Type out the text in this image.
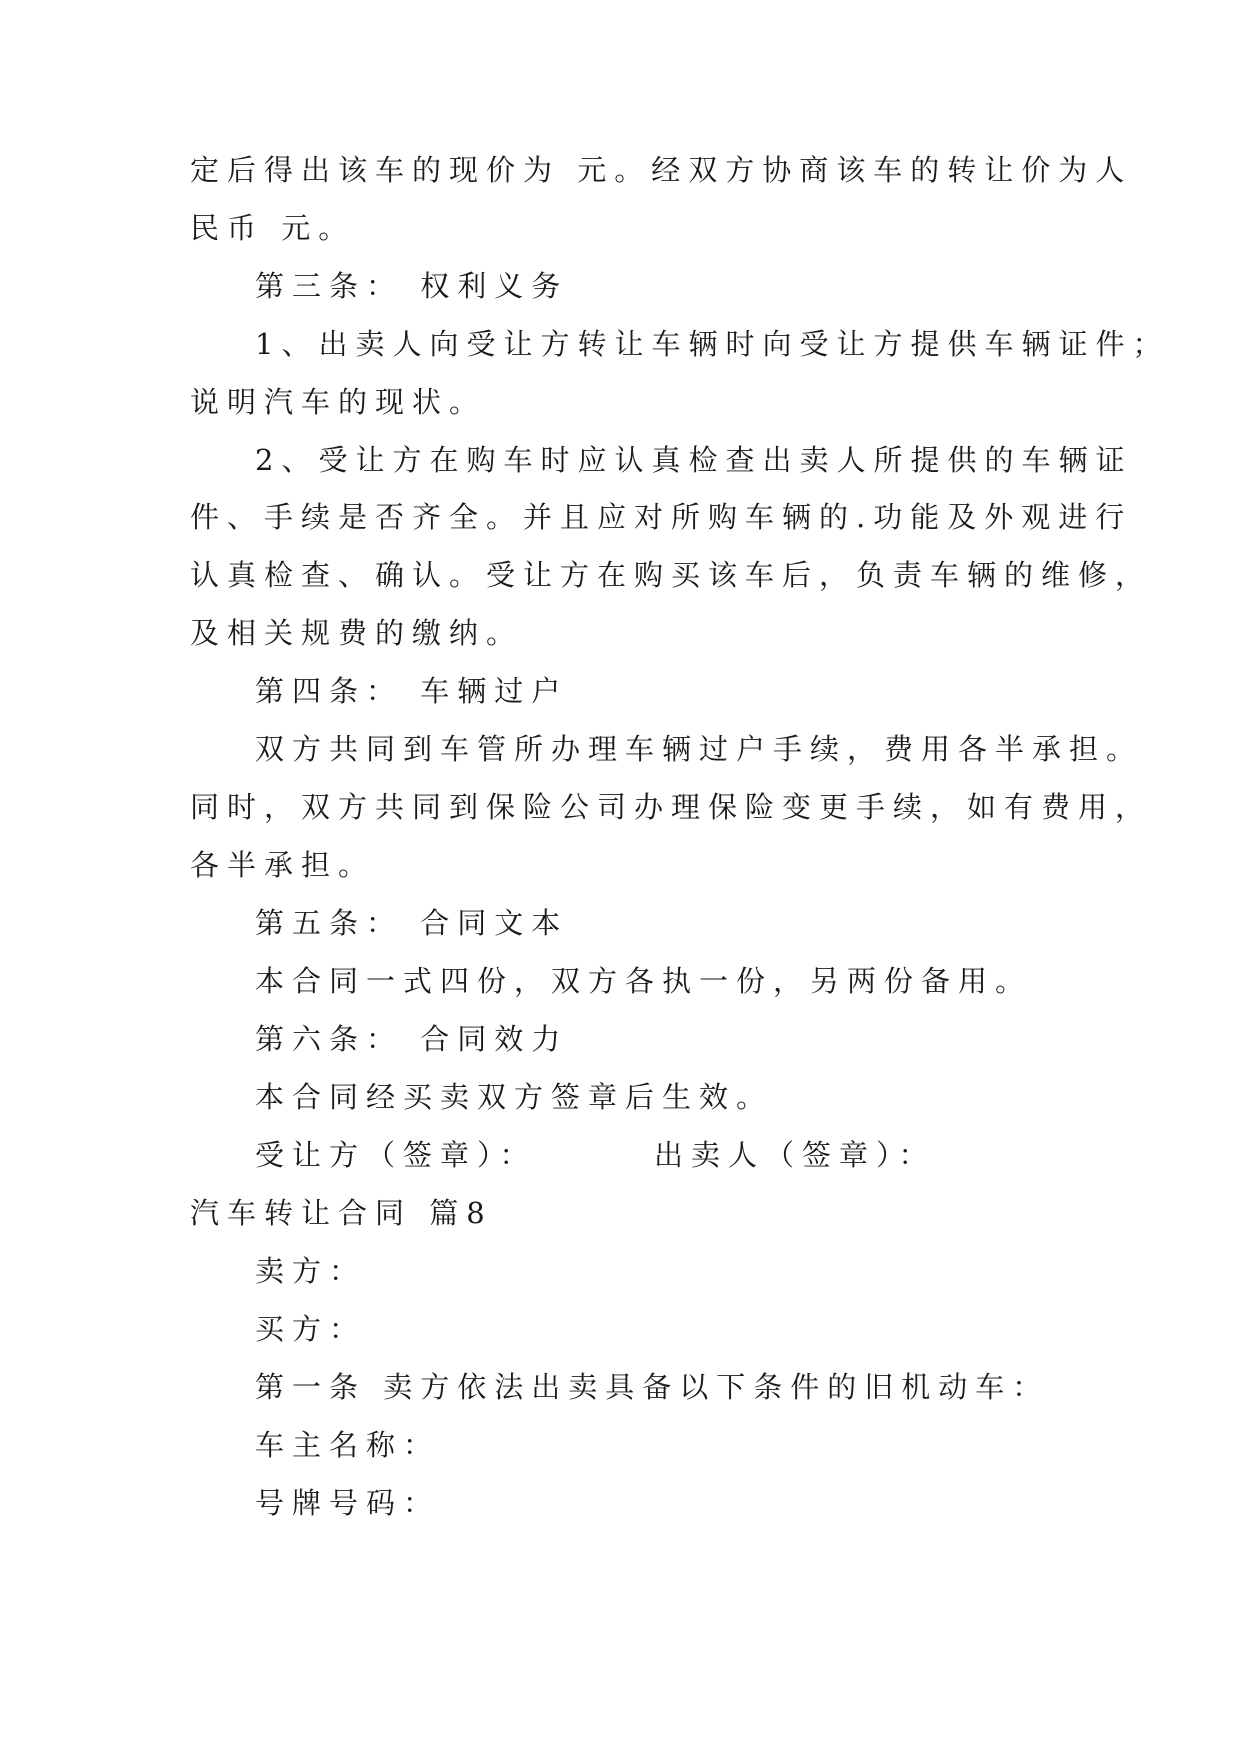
定后得出该车的现价为 元。经双方协商该车的转让价为人
民币 元。
第三条： 权利义务
1、出卖人向受让方转让车辆时向受让方提供车辆证件；
说明汽车的现状。
2、受让方在购车时应认真检查出卖人所提供的车辆证
件、手续是否齐全。并且应对所购车辆的.功能及外观进行
认真检查、确认。受让方在购买该车后，负责车辆的维修，
及相关规费的缴纳。
第四条： 车辆过户
双方共同到车管所办理车辆过户手续，费用各半承担。
同时，双方共同到保险公司办理保险变更手续，如有费用，
各半承担。
第五条： 合同文本
本合同一式四份，双方各执一份，另两份备用。
第六条： 合同效力
本合同经买卖双方签章后生效。
受让方（签章）：	出卖人（签章）：
汽车转让合同 篇8
卖方：
买方：
第一条 卖方依法出卖具备以下条件的旧机动车：
车主名称：
号牌号码：
